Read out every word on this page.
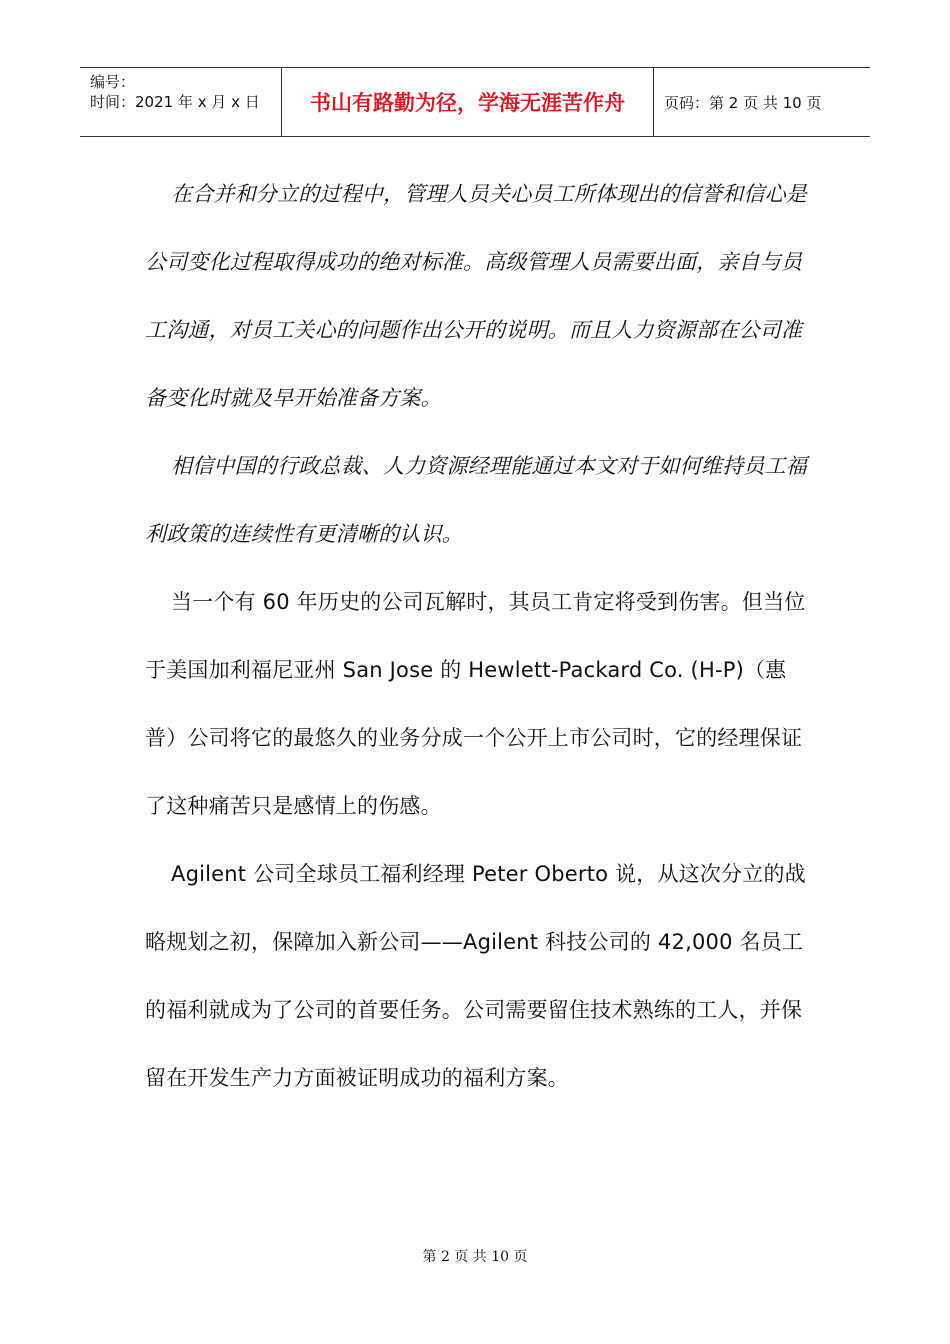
编号：
时间：2021 年 x 月 x 日	书山有路勤为径，学海无涯苦作舟	页码：第 2 页 共 10 页

在合并和分立的过程中，管理人员关心员工所体现出的信誉和信心是公司变化过程取得成功的绝对标准。高级管理人员需要出面，亲自与员工沟通，对员工关心的问题作出公开的说明。而且人力资源部在公司准备变化时就及早开始准备方案。

相信中国的行政总裁、人力资源经理能通过本文对于如何维持员工福利政策的连续性有更清晰的认识。

当一个有 60 年历史的公司瓦解时，其员工肯定将受到伤害。但当位于美国加利福尼亚州 San Jose 的 Hewlett-Packard Co. (H-P)（惠普）公司将它的最悠久的业务分成一个公开上市公司时，它的经理保证了这种痛苦只是感情上的伤感。

Agilent 公司全球员工福利经理 Peter Oberto 说，从这次分立的战略规划之初，保障加入新公司——Agilent 科技公司的 42,000 名员工的福利就成为了公司的首要任务。公司需要留住技术熟练的工人，并保留在开发生产力方面被证明成功的福利方案。

第 2 页 共 10 页
